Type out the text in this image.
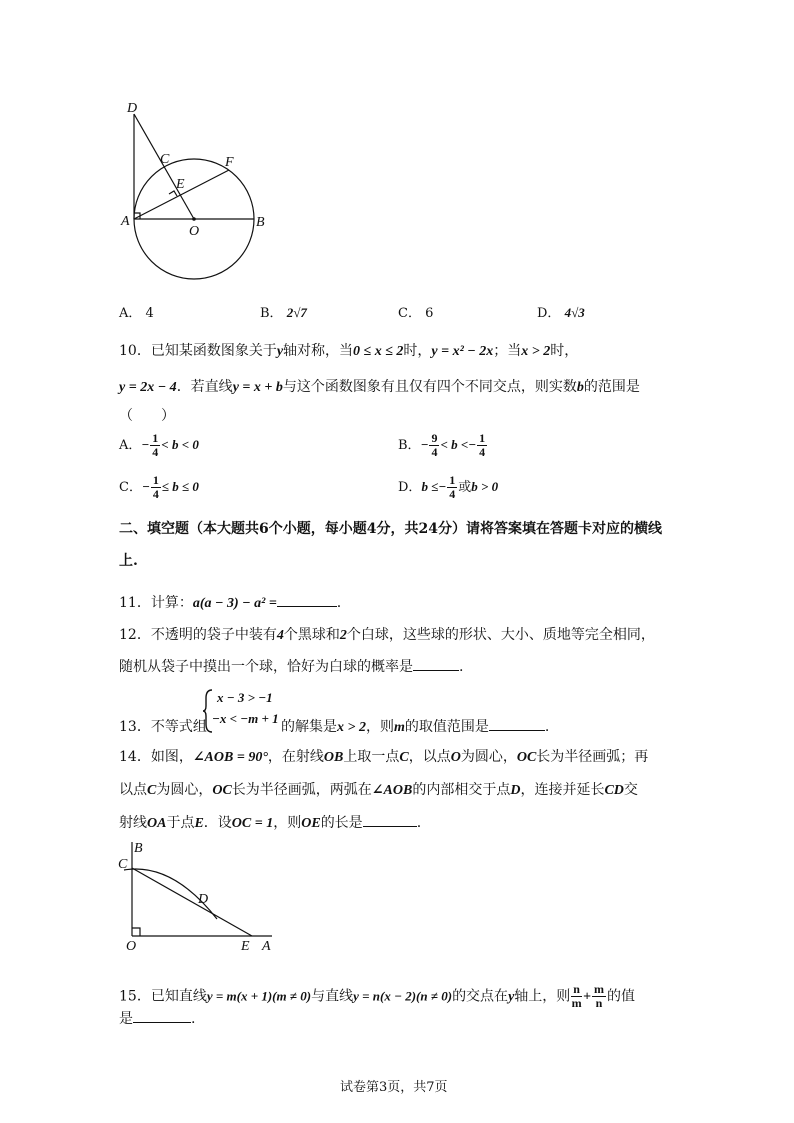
D
C	F
E
A
O
B
A． 4	B． 2√7	C． 6	D． 4√3
10．已知某函数图象关于y轴对称，当0 ≤ x ≤ 2时，y = x² − 2x；当x > 2时，
y = 2x − 4．若直线y = x + b与这个函数图象有且仅有四个不同交点，则实数b的范围是
（　　）
A．− $\frac{1}{4} < b < 0$	B．− $\frac{9}{4} < b <- \frac{1}{4}$
C．− $\frac{1}{4} \le b \le 0$	D．$b \le- \frac{1}{4}$ 或b > 0
二、填空题（本大题共6个小题，每小题4分，共24分）请将答案填在答题卡对应的横线
上.
11．计算：a(a − 3) − a² =	.
12．不透明的袋子中装有4个黑球和2个白球，这些球的形状、大小、质地等完全相同，
随机从袋子中摸出一个球，恰好为白球的概率是	.
13．不等式组
x − 3 > −1
−x < −m + 1
的解集是x > 2，则m的取值范围是	.
14．如图，∠AOB = 90°，在射线OB上取一点C，以点O为圆心，OC长为半径画弧；再
以点C为圆心，OC长为半径画弧，两弧在∠AOB的内部相交于点D，连接并延长CD交
射线OA于点E．设OC = 1，则OE的长是	.
B
C
D
O	E A
15．已知直线y = m(x + 1)(m ≠ 0)与直线y = n(x − 2)(n ≠ 0)的交点在y轴上，则 $\frac{n}{m} + \frac{m}{n}$ 的值
是	.
试卷第3页，共7页
